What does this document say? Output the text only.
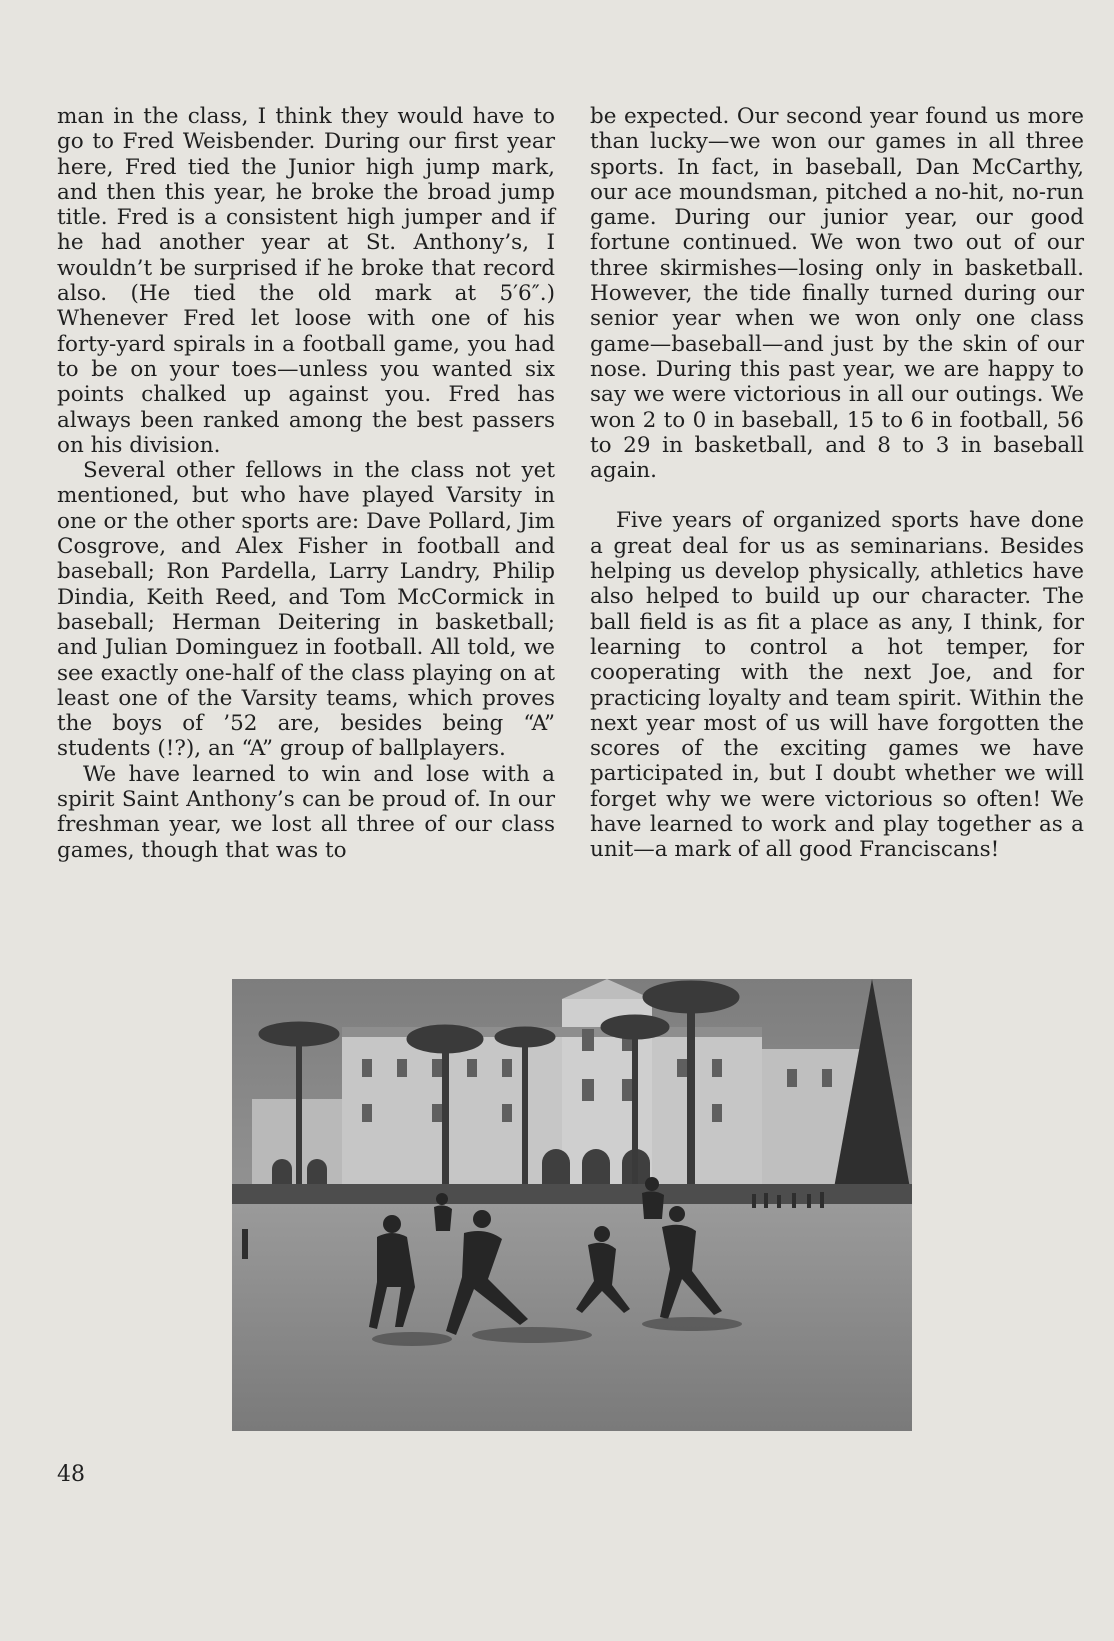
man in the class, I think they would have to go to Fred Weisbender. During our first year here, Fred tied the Junior high jump mark, and then this year, he broke the broad jump title. Fred is a consistent high jumper and if he had another year at St. Anthony’s, I wouldn’t be surprised if he broke that record also. (He tied the old mark at 5′6″.) Whenever Fred let loose with one of his forty-yard spirals in a football game, you had to be on your toes—unless you wanted six points chalked up against you. Fred has always been ranked among the best passers on his division.

Several other fellows in the class not yet mentioned, but who have played Varsity in one or the other sports are: Dave Pollard, Jim Cosgrove, and Alex Fisher in football and baseball; Ron Pardella, Larry Landry, Philip Dindia, Keith Reed, and Tom McCormick in baseball; Herman Deitering in basketball; and Julian Dominguez in football. All told, we see exactly one-half of the class playing on at least one of the Varsity teams, which proves the boys of ’52 are, besides being “A” students (!?), an “A” group of ballplayers.

We have learned to win and lose with a spirit Saint Anthony’s can be proud of. In our freshman year, we lost all three of our class games, though that was to

be expected. Our second year found us more than lucky—we won our games in all three sports. In fact, in baseball, Dan McCarthy, our ace moundsman, pitched a no-hit, no-run game. During our junior year, our good fortune continued. We won two out of our three skirmishes—losing only in basketball. However, the tide finally turned during our senior year when we won only one class game—baseball—and just by the skin of our nose. During this past year, we are happy to say we were victorious in all our outings. We won 2 to 0 in baseball, 15 to 6 in football, 56 to 29 in basketball, and 8 to 3 in baseball again.

Five years of organized sports have done a great deal for us as seminarians. Besides helping us develop physically, athletics have also helped to build up our character. The ball field is as fit a place as any, I think, for learning to control a hot temper, for cooperating with the next Joe, and for practicing loyalty and team spirit. Within the next year most of us will have forgotten the scores of the exciting games we have participated in, but I doubt whether we will forget why we were victorious so often! We have learned to work and play together as a unit—a mark of all good Franciscans!

48
